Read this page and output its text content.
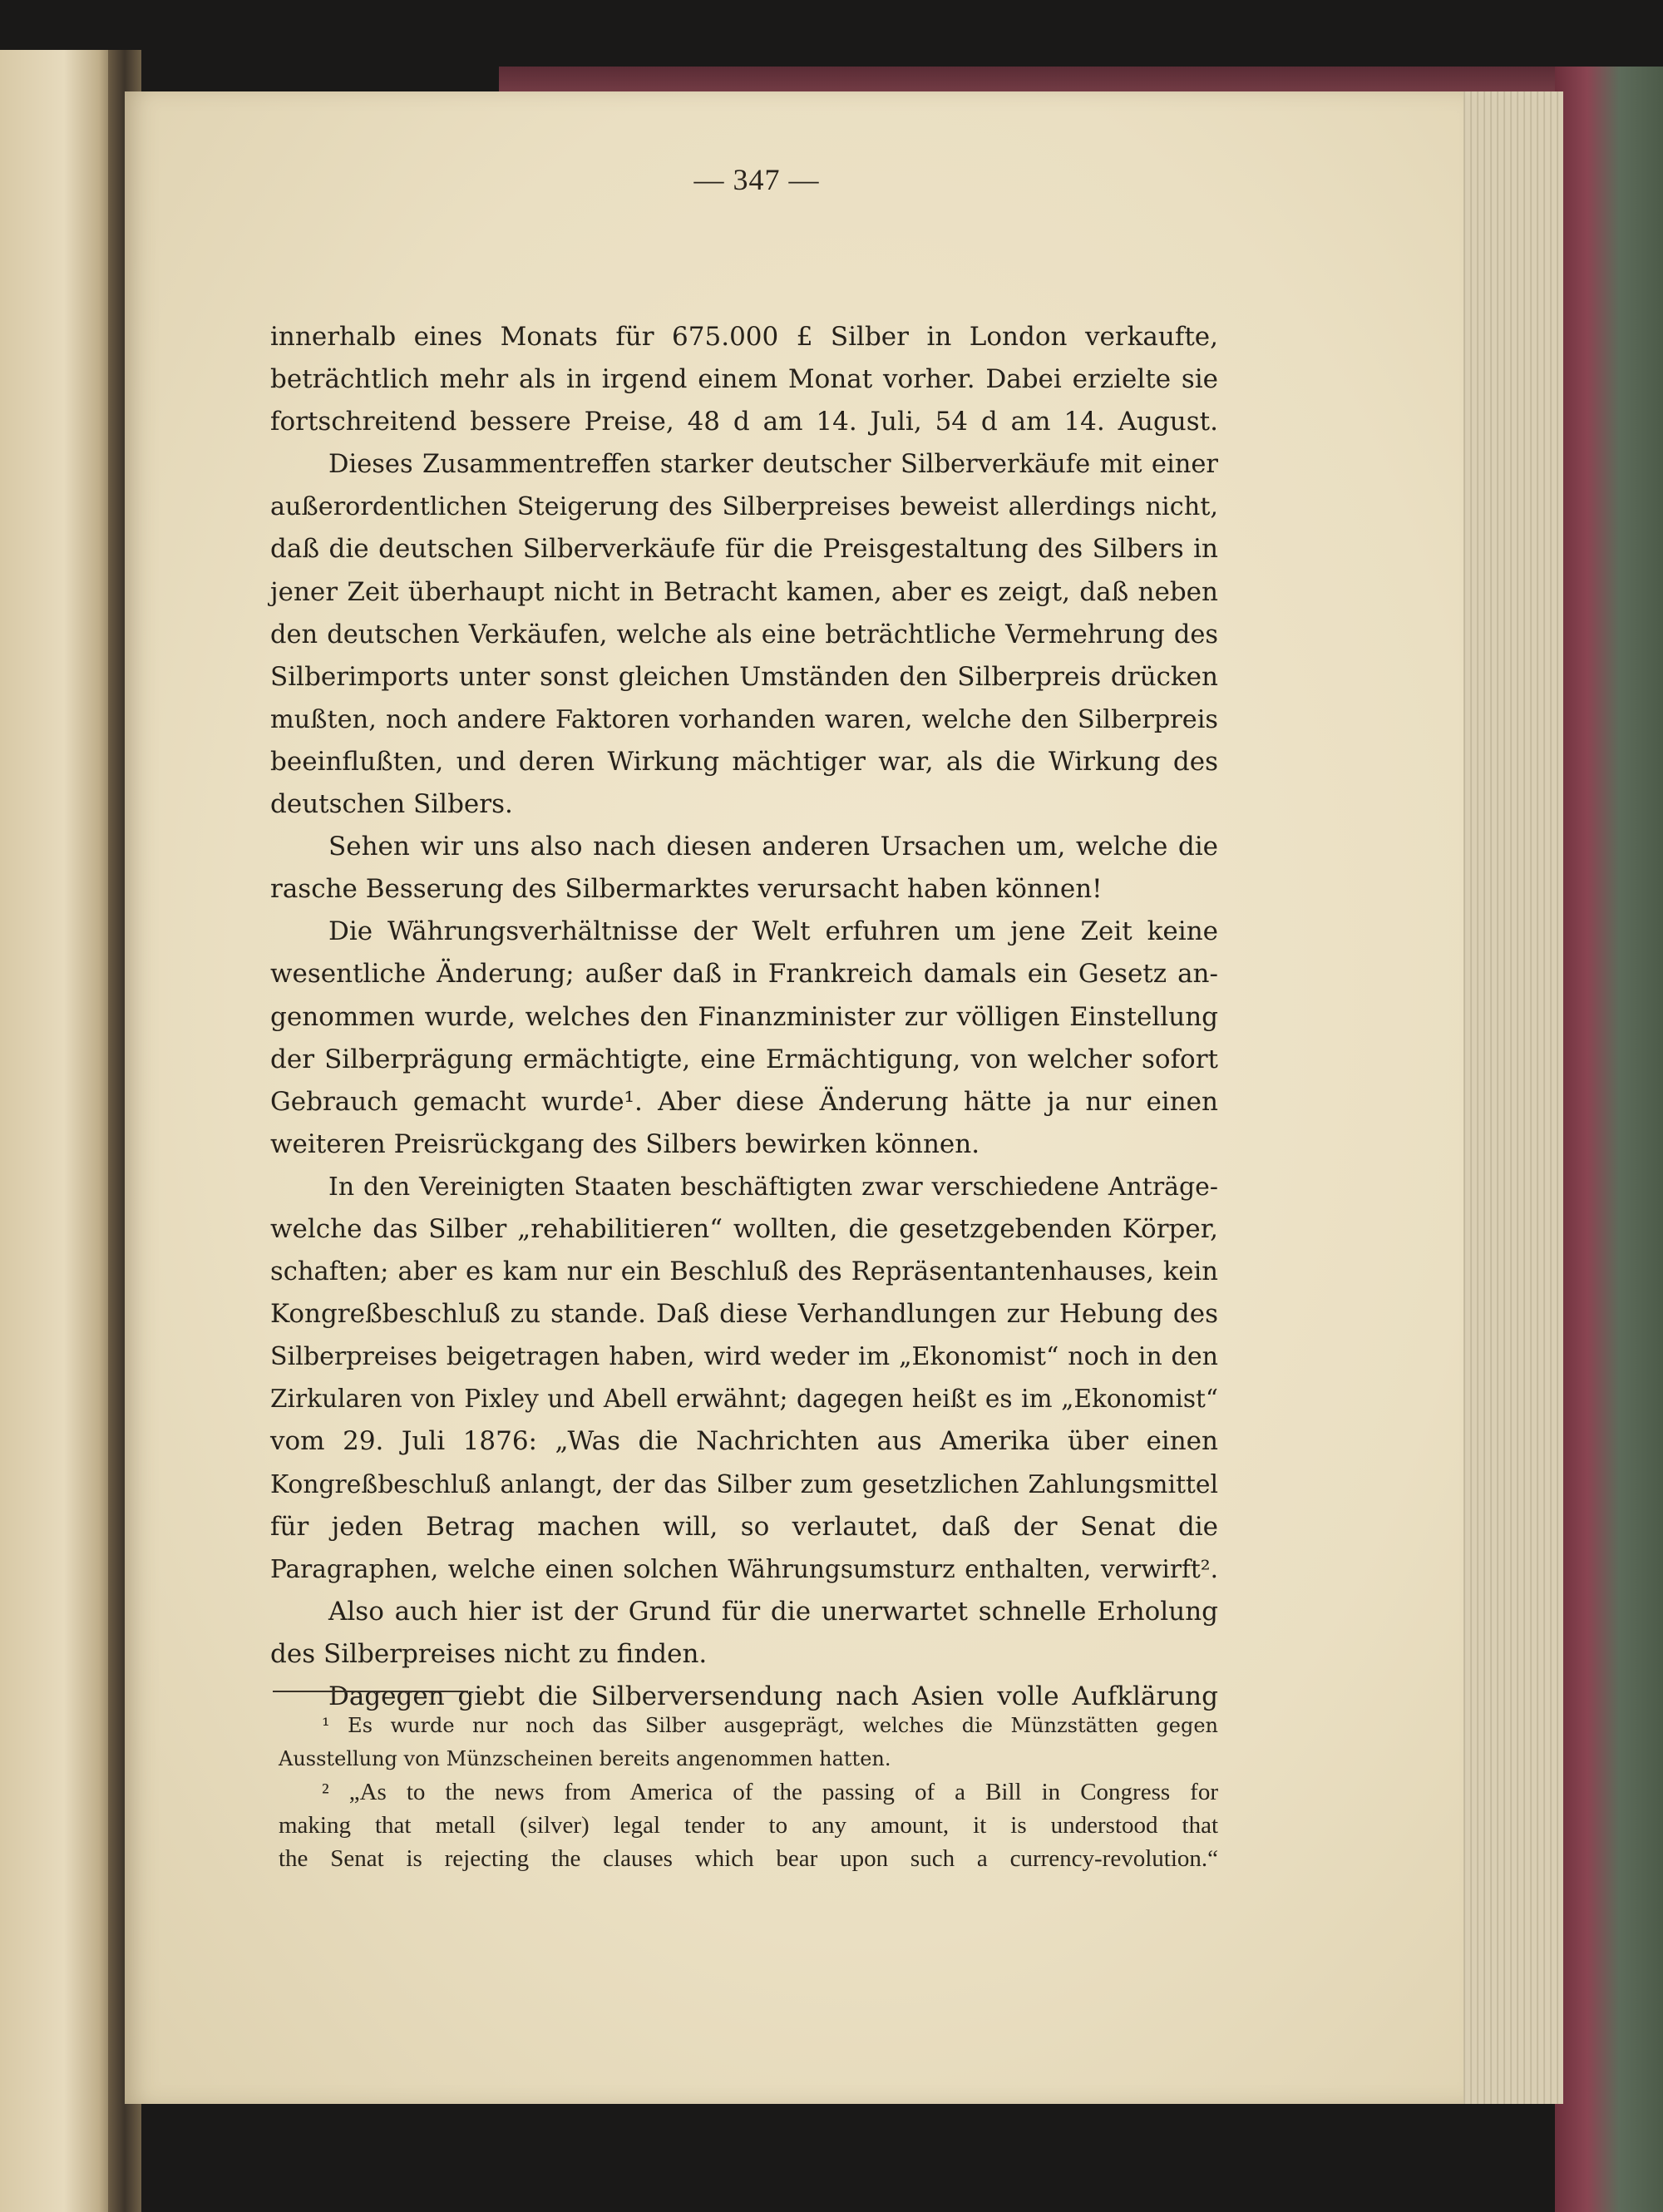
— 347 —
innerhalb eines Monats für 675.000 £ Silber in London verkaufte,
beträchtlich mehr als in irgend einem Monat vorher. Dabei erzielte sie
fortschreitend bessere Preise, 48 d am 14. Juli, 54 d am 14. August.
Dieses Zusammentreffen starker deutscher Silberverkäufe mit einer
außerordentlichen Steigerung des Silberpreises beweist allerdings nicht,
daß die deutschen Silberverkäufe für die Preisgestaltung des Silbers in
jener Zeit überhaupt nicht in Betracht kamen, aber es zeigt, daß neben
den deutschen Verkäufen, welche als eine beträchtliche Vermehrung des
Silberimports unter sonst gleichen Umständen den Silberpreis drücken
mußten, noch andere Faktoren vorhanden waren, welche den Silberpreis
beeinflußten, und deren Wirkung mächtiger war, als die Wirkung des
deutschen Silbers.
Sehen wir uns also nach diesen anderen Ursachen um, welche die
rasche Besserung des Silbermarktes verursacht haben können!
Die Währungsverhältnisse der Welt erfuhren um jene Zeit keine
wesentliche Änderung; außer daß in Frankreich damals ein Gesetz an-
genommen wurde, welches den Finanzminister zur völligen Einstellung
der Silberprägung ermächtigte, eine Ermächtigung, von welcher sofort
Gebrauch gemacht wurde¹. Aber diese Änderung hätte ja nur einen
weiteren Preisrückgang des Silbers bewirken können.
In den Vereinigten Staaten beschäftigten zwar verschiedene Anträge-
welche das Silber „rehabilitieren“ wollten, die gesetzgebenden Körper,
schaften; aber es kam nur ein Beschluß des Repräsentantenhauses, kein
Kongreßbeschluß zu stande. Daß diese Verhandlungen zur Hebung des
Silberpreises beigetragen haben, wird weder im „Ekonomist“ noch in den
Zirkularen von Pixley und Abell erwähnt; dagegen heißt es im „Ekonomist“
vom 29. Juli 1876: „Was die Nachrichten aus Amerika über einen
Kongreßbeschluß anlangt, der das Silber zum gesetzlichen Zahlungsmittel
für jeden Betrag machen will, so verlautet, daß der Senat die
Paragraphen, welche einen solchen Währungsumsturz enthalten, verwirft².
Also auch hier ist der Grund für die unerwartet schnelle Erholung
des Silberpreises nicht zu finden.
Dagegen giebt die Silberversendung nach Asien volle Aufklärung
¹ Es wurde nur noch das Silber ausgeprägt, welches die Münzstätten gegen
Ausstellung von Münzscheinen bereits angenommen hatten.
² „As to the news from America of the passing of a Bill in Congress for
making that metall (silver) legal tender to any amount, it is understood that
the Senat is rejecting the clauses which bear upon such a currency-revolution.“
